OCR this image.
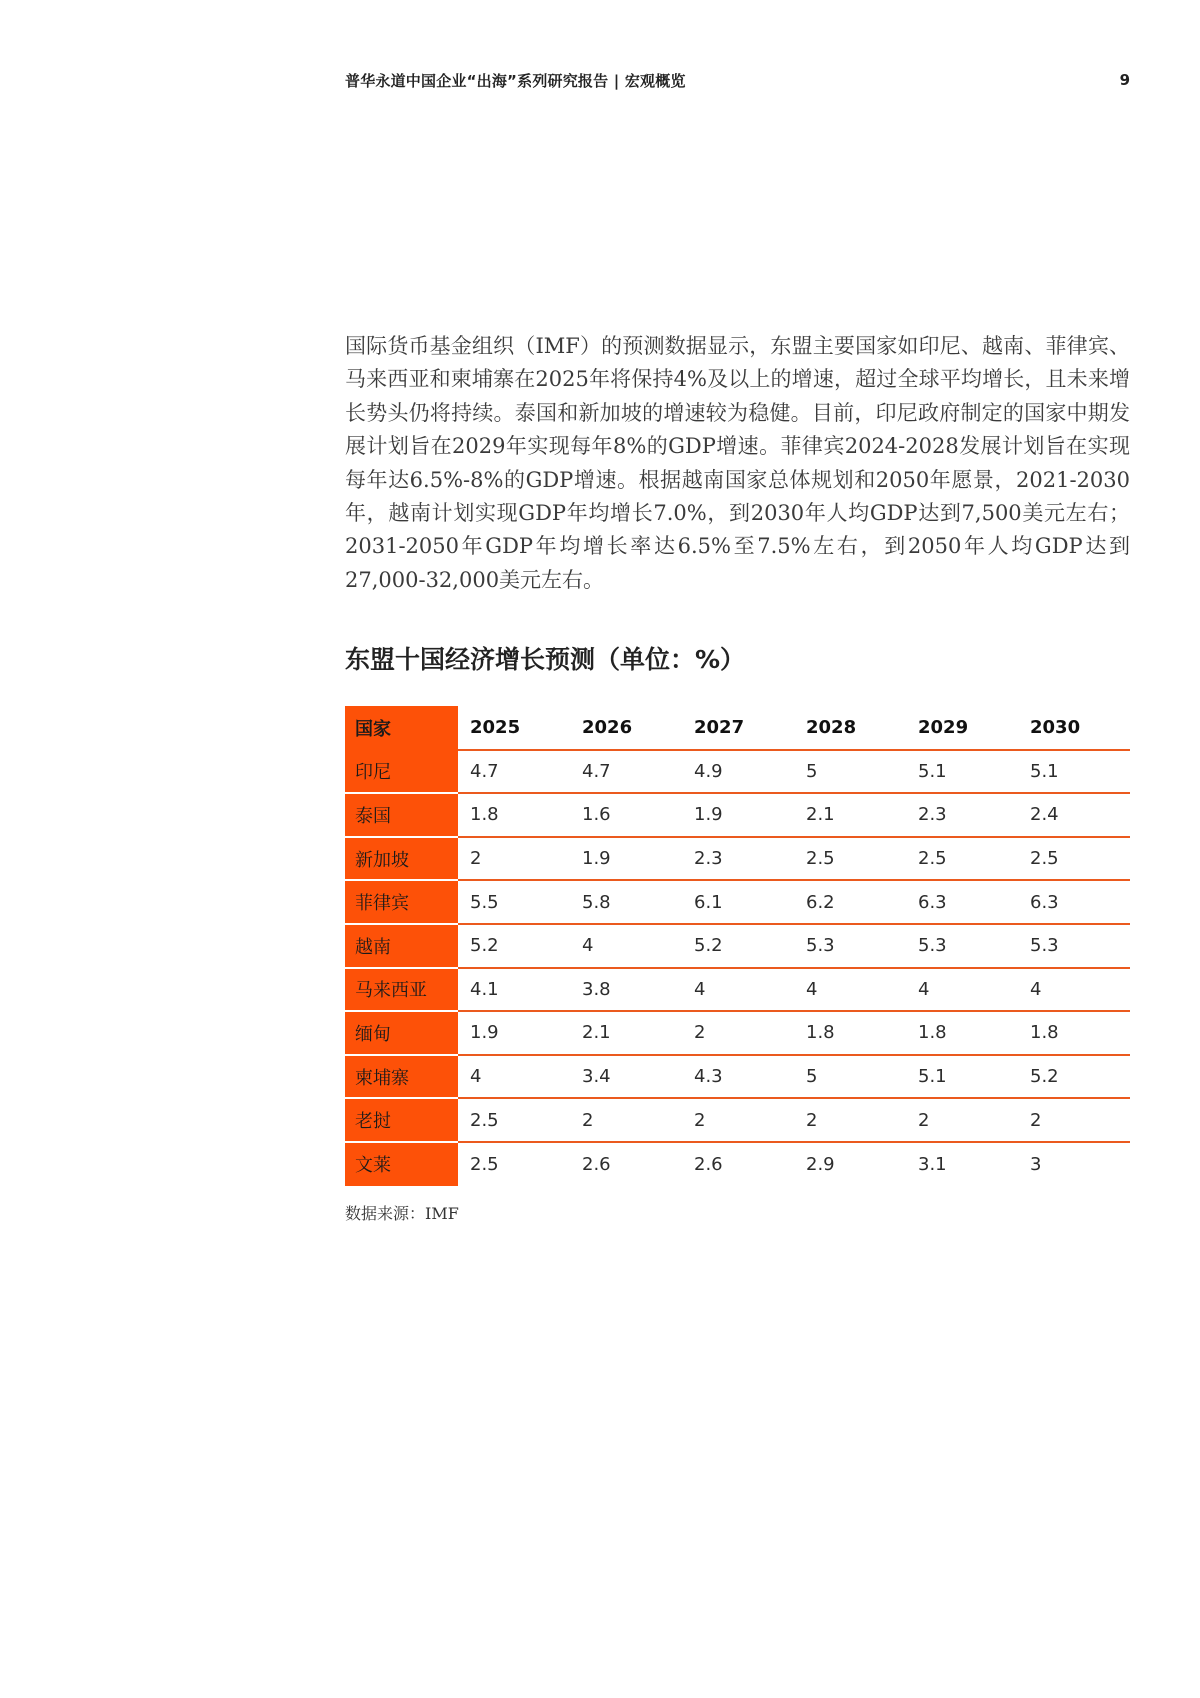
普华永道中国企业“出海”系列研究报告 | 宏观概览	9

国际货币基金组织（IMF）的预测数据显示，东盟主要国家如印尼、越南、菲律宾、马来西亚和柬埔寨在2025年将保持4%及以上的增速，超过全球平均增长，且未来增长势头仍将持续。泰国和新加坡的增速较为稳健。目前，印尼政府制定的国家中期发展计划旨在2029年实现每年8%的GDP增速。菲律宾2024-2028发展计划旨在实现每年达6.5%-8%的GDP增速。根据越南国家总体规划和2050年愿景，2021-2030年，越南计划实现GDP年均增长7.0%，到2030年人均GDP达到7,500美元左右；2031-2050年GDP年均增长率达6.5%至7.5%左右，到2050年人均GDP达到27,000-32,000美元左右。

东盟十国经济增长预测（单位：%）
国家	2025	2026	2027	2028	2029	2030
印尼	4.7	4.7	4.9	5	5.1	5.1
泰国	1.8	1.6	1.9	2.1	2.3	2.4
新加坡	2	1.9	2.3	2.5	2.5	2.5
菲律宾	5.5	5.8	6.1	6.2	6.3	6.3
越南	5.2	4	5.2	5.3	5.3	5.3
马来西亚	4.1	3.8	4	4	4	4
缅甸	1.9	2.1	2	1.8	1.8	1.8
柬埔寨	4	3.4	4.3	5	5.1	5.2
老挝	2.5	2	2	2	2	2
文莱	2.5	2.6	2.6	2.9	3.1	3

数据来源：IMF
